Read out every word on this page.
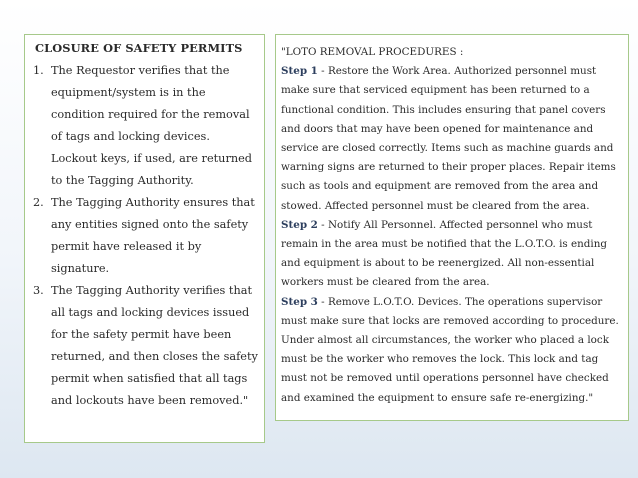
CLOSURE OF SAFETY PERMITS
1. The Requestor verifies that the equipment/system is in the condition required for the removal of tags and locking devices. Lockout keys, if used, are returned to the Tagging Authority.
2. The Tagging Authority ensures that any entities signed onto the safety permit have released it by signature.
3. The Tagging Authority verifies that all tags and locking devices issued for the safety permit have been returned, and then closes the safety permit when satisfied that all tags and lockouts have been removed."

"LOTO REMOVAL PROCEDURES :

Step 1 - Restore the Work Area. Authorized personnel must make sure that serviced equipment has been returned to a functional condition. This includes ensuring that panel covers and doors that may have been opened for maintenance and service are closed correctly. Items such as machine guards and warning signs are returned to their proper places. Repair items such as tools and equipment are removed from the area and stowed. Affected personnel must be cleared from the area.

Step 2 - Notify All Personnel. Affected personnel who must remain in the area must be notified that the L.O.T.O. is ending and equipment is about to be reenergized. All non-essential workers must be cleared from the area.

Step 3 - Remove L.O.T.O. Devices. The operations supervisor must make sure that locks are removed according to procedure. Under almost all circumstances, the worker who placed a lock must be the worker who removes the lock. This lock and tag must not be removed until operations personnel have checked and examined the equipment to ensure safe re-energizing."
